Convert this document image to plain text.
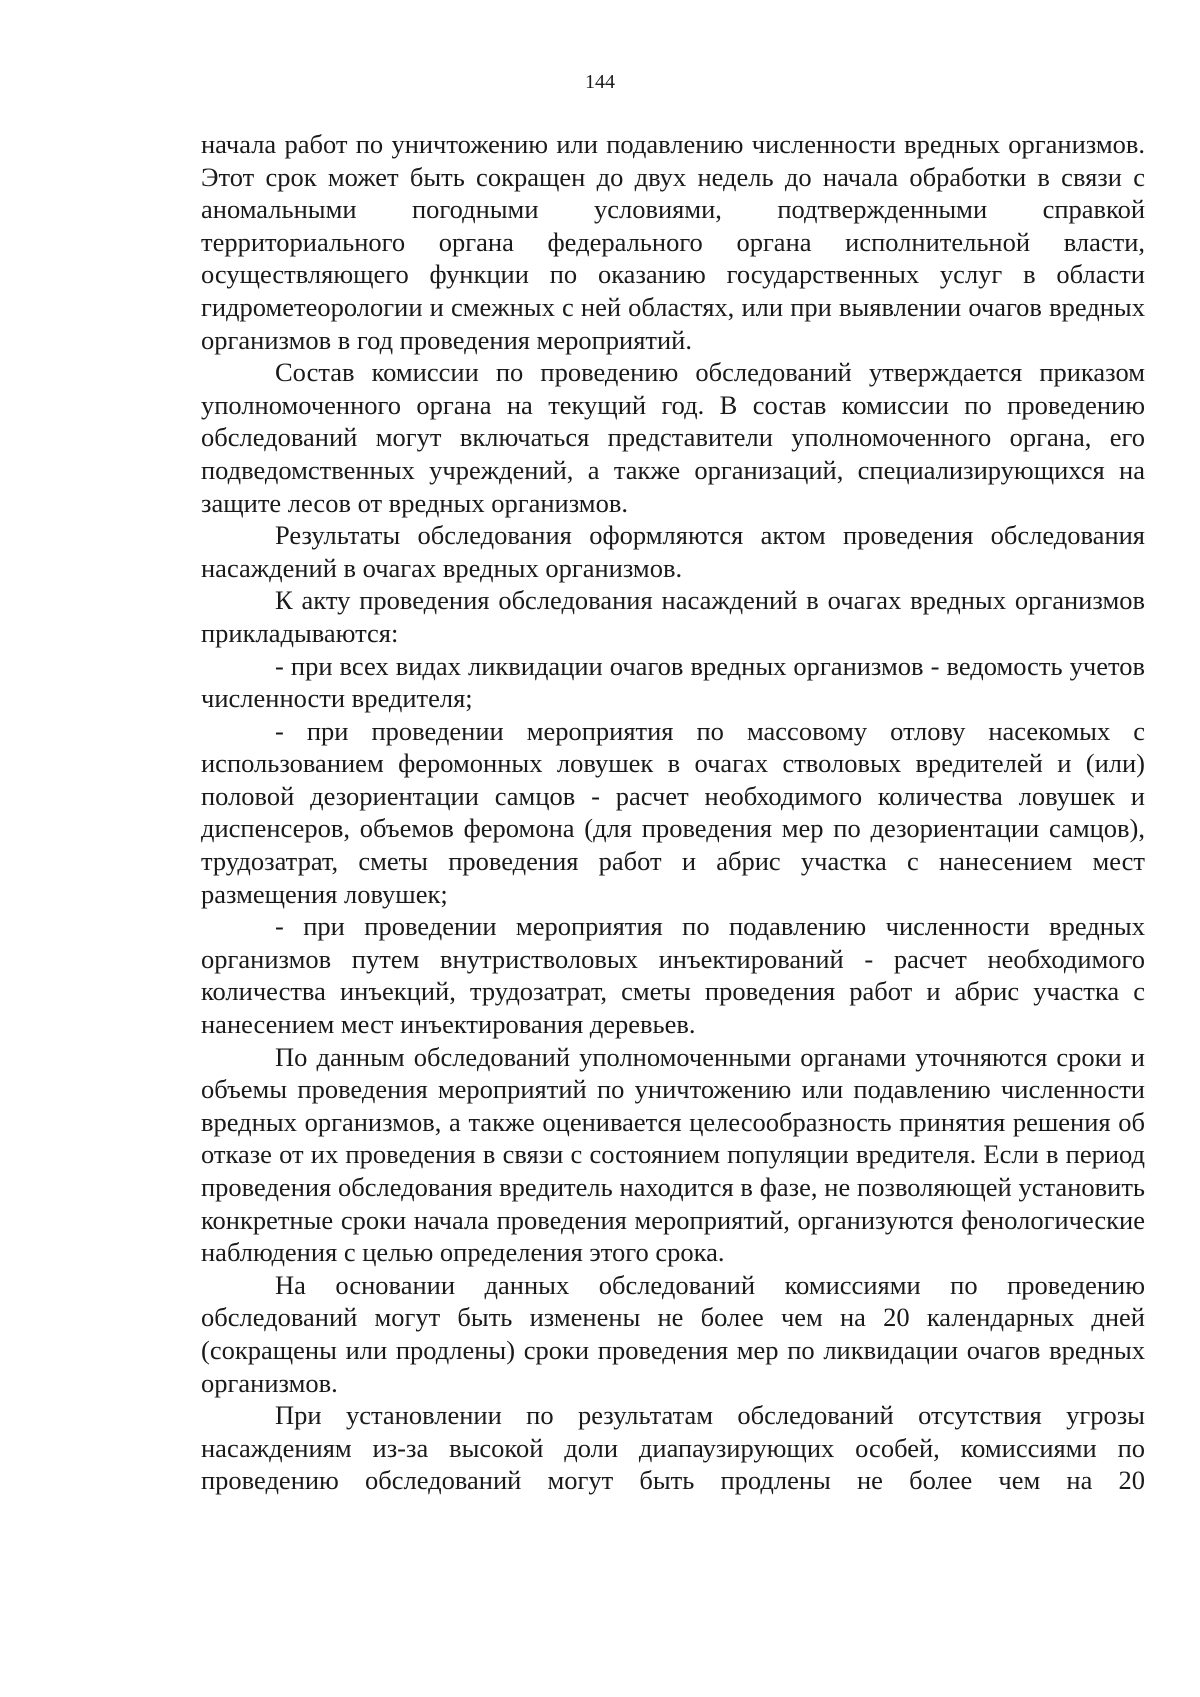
144

начала работ по уничтожению или подавлению численности вредных организмов. Этот срок может быть сокращен до двух недель до начала обработки в связи с аномальными погодными условиями, подтвержденными справкой территориального органа федерального органа исполнительной власти, осуществляющего функции по оказанию государственных услуг в области гидрометеорологии и смежных с ней областях, или при выявлении очагов вредных организмов в год проведения мероприятий.

Состав комиссии по проведению обследований утверждается приказом уполномоченного органа на текущий год. В состав комиссии по проведению обследований могут включаться представители уполномоченного органа, его подведомственных учреждений, а также организаций, специализирующихся на защите лесов от вредных организмов.

Результаты обследования оформляются актом проведения обследования насаждений в очагах вредных организмов.

К акту проведения обследования насаждений в очагах вредных организмов прикладываются:

- при всех видах ликвидации очагов вредных организмов - ведомость учетов численности вредителя;

- при проведении мероприятия по массовому отлову насекомых с использованием феромонных ловушек в очагах стволовых вредителей и (или) половой дезориентации самцов - расчет необходимого количества ловушек и диспенсеров, объемов феромона (для проведения мер по дезориентации самцов), трудозатрат, сметы проведения работ и абрис участка с нанесением мест размещения ловушек;

- при проведении мероприятия по подавлению численности вредных организмов путем внутристволовых инъектирований - расчет необходимого количества инъекций, трудозатрат, сметы проведения работ и абрис участка с нанесением мест инъектирования деревьев.

По данным обследований уполномоченными органами уточняются сроки и объемы проведения мероприятий по уничтожению или подавлению численности вредных организмов, а также оценивается целесообразность принятия решения об отказе от их проведения в связи с состоянием популяции вредителя. Если в период проведения обследования вредитель находится в фазе, не позволяющей установить конкретные сроки начала проведения мероприятий, организуются фенологические наблюдения с целью определения этого срока.

На основании данных обследований комиссиями по проведению обследований могут быть изменены не более чем на 20 календарных дней (сокращены или продлены) сроки проведения мер по ликвидации очагов вредных организмов.

При установлении по результатам обследований отсутствия угрозы насаждениям из-за высокой доли диапаузирующих особей, комиссиями по проведению обследований могут быть продлены не более чем на 20
